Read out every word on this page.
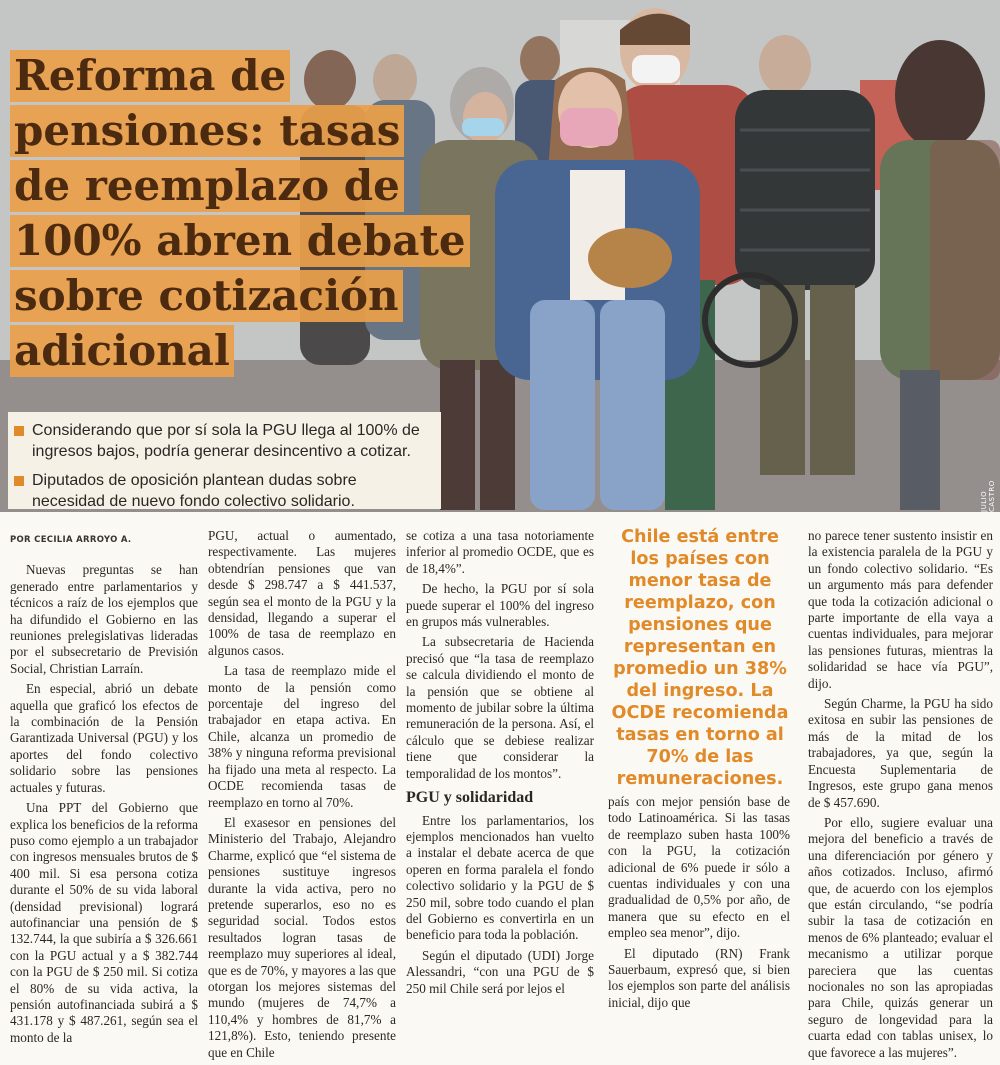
Reforma de
pensiones: tasas
de reemplazo de
100% abren debate
sobre cotización
adicional
Considerando que por sí sola la PGU llega al 100% de ingresos bajos, podría generar desincentivo a cotizar.
Diputados de oposición plantean dudas sobre necesidad de nuevo fondo colectivo solidario.	JULIO CASTRO
POR CECILIA ARROYO A.

Nuevas preguntas se han generado entre parlamentarios y técnicos a raíz de los ejemplos que ha difundido el Gobierno en las reuniones prelegislativas lideradas por el subsecretario de Previsión Social, Christian Larraín.

En especial, abrió un debate aquella que graficó los efectos de la combinación de la Pensión Garantizada Universal (PGU) y los aportes del fondo colectivo solidario sobre las pensiones actuales y futuras.

Una PPT del Gobierno que explica los beneficios de la reforma puso como ejemplo a un trabajador con ingresos mensuales brutos de $ 400 mil. Si esa persona cotiza durante el 50% de su vida laboral (densidad previsional) logrará autofinanciar una pensión de $ 132.744, la que subiría a $ 326.661 con la PGU actual y a $ 382.744 con la PGU de $ 250 mil. Si cotiza el 80% de su vida activa, la pensión autofinanciada subirá a $ 431.178 y $ 487.261, según sea el monto de la

PGU, actual o aumentado, respectivamente. Las mujeres obtendrían pensiones que van desde $ 298.747 a $ 441.537, según sea el monto de la PGU y la densidad, llegando a superar el 100% de tasa de reemplazo en algunos casos.

La tasa de reemplazo mide el monto de la pensión como porcentaje del ingreso del trabajador en etapa activa. En Chile, alcanza un promedio de 38% y ninguna reforma previsional ha fijado una meta al respecto. La OCDE recomienda tasas de reemplazo en torno al 70%.

El exasesor en pensiones del Ministerio del Trabajo, Alejandro Charme, explicó que “el sistema de pensiones sustituye ingresos durante la vida activa, pero no pretende superarlos, eso no es seguridad social. Todos estos resultados logran tasas de reemplazo muy superiores al ideal, que es de 70%, y mayores a las que otorgan los mejores sistemas del mundo (mujeres de 74,7% a 110,4% y hombres de 81,7% a 121,8%). Esto, teniendo presente que en Chile

se cotiza a una tasa notoriamente inferior al promedio OCDE, que es de 18,4%”.

De hecho, la PGU por sí sola puede superar el 100% del ingreso en grupos más vulnerables.

La subsecretaria de Hacienda precisó que “la tasa de reemplazo se calcula dividiendo el monto de la pensión que se obtiene al momento de jubilar sobre la última remuneración de la persona. Así, el cálculo que se debiese realizar tiene que considerar la temporalidad de los montos”.

PGU y solidaridad

Entre los parlamentarios, los ejemplos mencionados han vuelto a instalar el debate acerca de que operen en forma paralela el fondo colectivo solidario y la PGU de $ 250 mil, sobre todo cuando el plan del Gobierno es convertirla en un beneficio para toda la población.

Según el diputado (UDI) Jorge Alessandri, “con una PGU de $ 250 mil Chile será por lejos el

Chile está entre los países con menor tasa de reemplazo, con pensiones que representan en promedio un 38% del ingreso. La OCDE recomienda tasas en torno al 70% de las remuneraciones.

país con mejor pensión base de todo Latinoamérica. Si las tasas de reemplazo suben hasta 100% con la PGU, la cotización adicional de 6% puede ir sólo a cuentas individuales y con una gradualidad de 0,5% por año, de manera que su efecto en el empleo sea menor”, dijo.

El diputado (RN) Frank Sauerbaum, expresó que, si bien los ejemplos son parte del análisis inicial, dijo que

no parece tener sustento insistir en la existencia paralela de la PGU y un fondo colectivo solidario. “Es un argumento más para defender que toda la cotización adicional o parte importante de ella vaya a cuentas individuales, para mejorar las pensiones futuras, mientras la solidaridad se hace vía PGU”, dijo.

Según Charme, la PGU ha sido exitosa en subir las pensiones de más de la mitad de los trabajadores, ya que, según la Encuesta Suplementaria de Ingresos, este grupo gana menos de $ 457.690.

Por ello, sugiere evaluar una mejora del beneficio a través de una diferenciación por género y años cotizados. Incluso, afirmó que, de acuerdo con los ejemplos que están circulando, “se podría subir la tasa de cotización en menos de 6% planteado; evaluar el mecanismo a utilizar porque pareciera que las cuentas nocionales no son las apropiadas para Chile, quizás generar un seguro de longevidad para la cuarta edad con tablas unisex, lo que favorece a las mujeres”.
